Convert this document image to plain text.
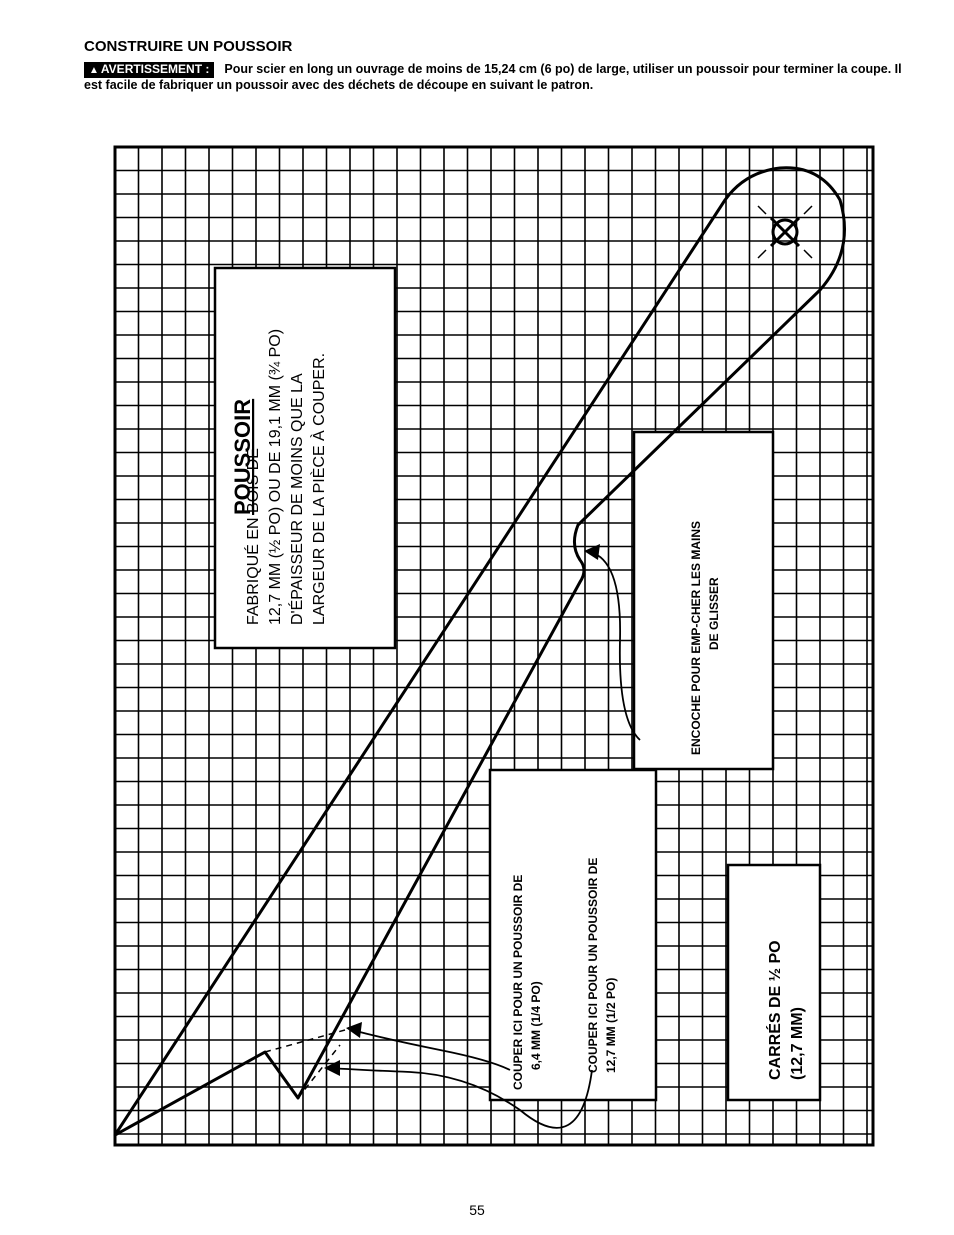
CONSTRUIRE UN POUSSOIR
▲ AVERTISSEMENT : Pour scier en long un ouvrage de moins de 15,24 cm (6 po) de large, utiliser un poussoir pour terminer la coupe. Il est facile de fabriquer un poussoir avec des déchets de découpe en suivant le patron.
POUSSOIR
FABRIQUÉ EN BOIS DE 12,7 MM (½ PO) OU DE 19,1 MM (¾ PO) D'ÉPAISSEUR DE MOINS QUE LA LARGEUR DE LA PIÈCE À COUPER.
ENCOCHE POUR EMP-CHER LES MAINS DE GLISSER
COUPER ICI POUR UN POUSSOIR DE 6,4 MM (1/4 PO)	COUPER ICI POUR UN POUSSOIR DE 12,7 MM (1/2 PO)	CARRÉS DE ½ PO (12,7 MM)
55
